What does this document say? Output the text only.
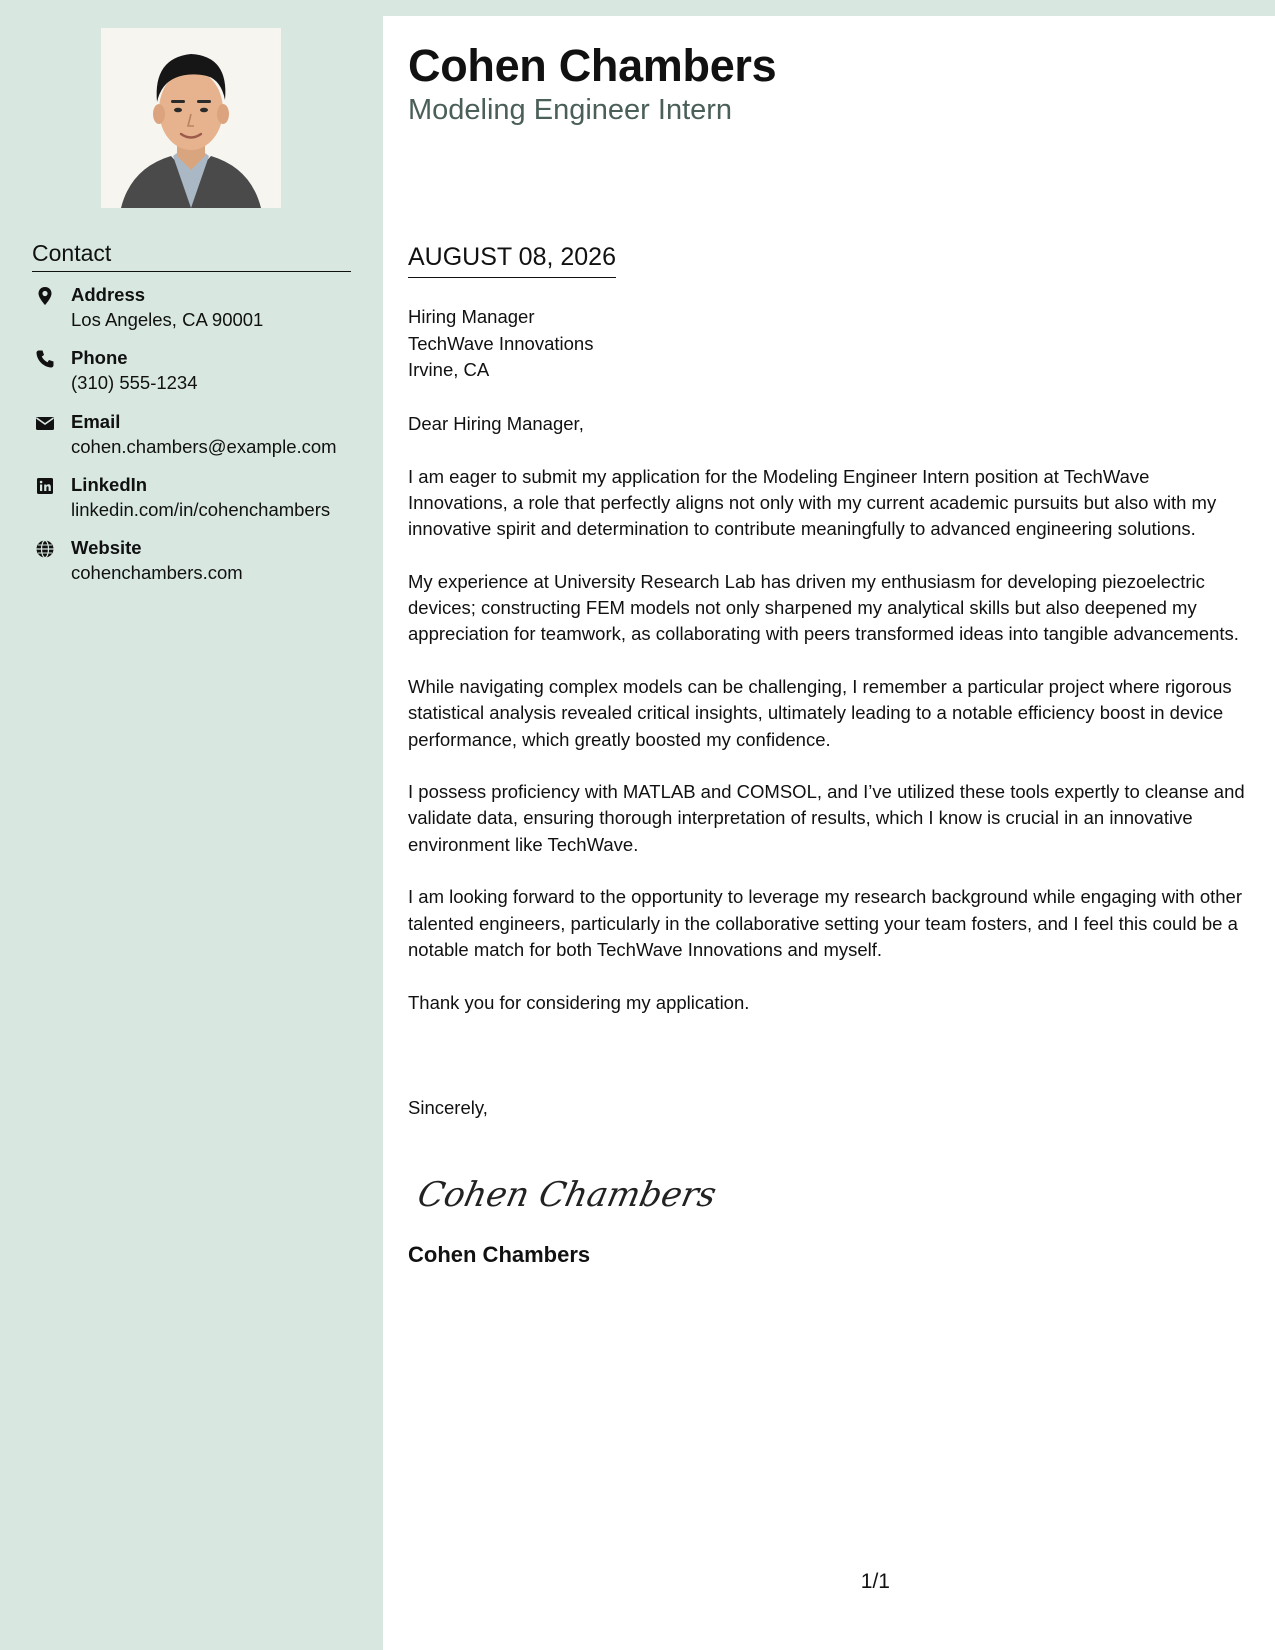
Contact
Address
Los Angeles, CA 90001
Phone
(310) 555-1234
Email
cohen.chambers@example.com
LinkedIn
linkedin.com/in/cohenchambers
Website
cohenchambers.com
Cohen Chambers
Modeling Engineer Intern
AUGUST 08, 2026
Hiring Manager
TechWave Innovations
Irvine, CA

Dear Hiring Manager,

I am eager to submit my application for the Modeling Engineer Intern position at TechWave Innovations, a role that perfectly aligns not only with my current academic pursuits but also with my innovative spirit and determination to contribute meaningfully to advanced engineering solutions.

My experience at University Research Lab has driven my enthusiasm for developing piezoelectric devices; constructing FEM models not only sharpened my analytical skills but also deepened my appreciation for teamwork, as collaborating with peers transformed ideas into tangible advancements.

While navigating complex models can be challenging, I remember a particular project where rigorous statistical analysis revealed critical insights, ultimately leading to a notable efficiency boost in device performance, which greatly boosted my confidence.

I possess proficiency with MATLAB and COMSOL, and I’ve utilized these tools expertly to cleanse and validate data, ensuring thorough interpretation of results, which I know is crucial in an innovative environment like TechWave.

I am looking forward to the opportunity to leverage my research background while engaging with other talented engineers, particularly in the collaborative setting your team fosters, and I feel this could be a notable match for both TechWave Innovations and myself.

Thank you for considering my application.

Sincerely,
Cohen Chambers
Cohen Chambers
1/1
